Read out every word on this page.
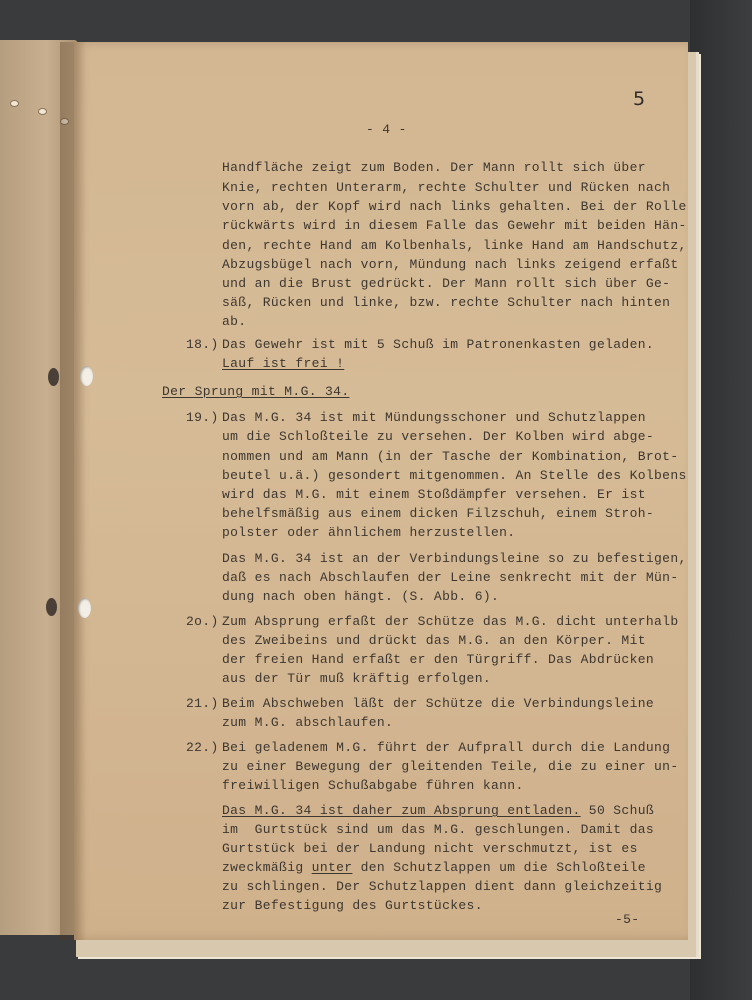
5
- 4 -
Handfläche zeigt zum Boden. Der Mann rollt sich über
Knie, rechten Unterarm, rechte Schulter und Rücken nach
vorn ab, der Kopf wird nach links gehalten. Bei der Rolle
rückwärts wird in diesem Falle das Gewehr mit beiden Hän-
den, rechte Hand am Kolbenhals, linke Hand am Handschutz,
Abzugsbügel nach vorn, Mündung nach links zeigend erfaßt
und an die Brust gedrückt. Der Mann rollt sich über Ge-
säß, Rücken und linke, bzw. rechte Schulter nach hinten
ab.
18.) Das Gewehr ist mit 5 Schuß im Patronenkasten geladen.
Lauf ist frei !
Der Sprung mit M.G. 34.
19.) Das M.G. 34 ist mit Mündungsschoner und Schutzlappen
um die Schloßteile zu versehen. Der Kolben wird abge-
nommen und am Mann (in der Tasche der Kombination, Brot-
beutel u.ä.) gesondert mitgenommen. An Stelle des Kolbens
wird das M.G. mit einem Stoßdämpfer versehen. Er ist
behelfsmäßig aus einem dicken Filzschuh, einem Stroh-
polster oder ähnlichem herzustellen.
Das M.G. 34 ist an der Verbindungsleine so zu befestigen,
daß es nach Abschlaufen der Leine senkrecht mit der Mün-
dung nach oben hängt. (S. Abb. 6).
2o.) Zum Absprung erfaßt der Schütze das M.G. dicht unterhalb
des Zweibeins und drückt das M.G. an den Körper. Mit
der freien Hand erfaßt er den Türgriff. Das Abdrücken
aus der Tür muß kräftig erfolgen.
21.) Beim Abschweben läßt der Schütze die Verbindungsleine
zum M.G. abschlaufen.
22.) Bei geladenem M.G. führt der Aufprall durch die Landung
zu einer Bewegung der gleitenden Teile, die zu einer un-
freiwilligen Schußabgabe führen kann.
Das M.G. 34 ist daher zum Absprung entladen. 50 Schuß
im  Gurtstück sind um das M.G. geschlungen. Damit das
Gurtstück bei der Landung nicht verschmutzt, ist es
zweckmäßig unter den Schutzlappen um die Schloßteile
zu schlingen. Der Schutzlappen dient dann gleichzeitig
zur Befestigung des Gurtstückes.
-5-
